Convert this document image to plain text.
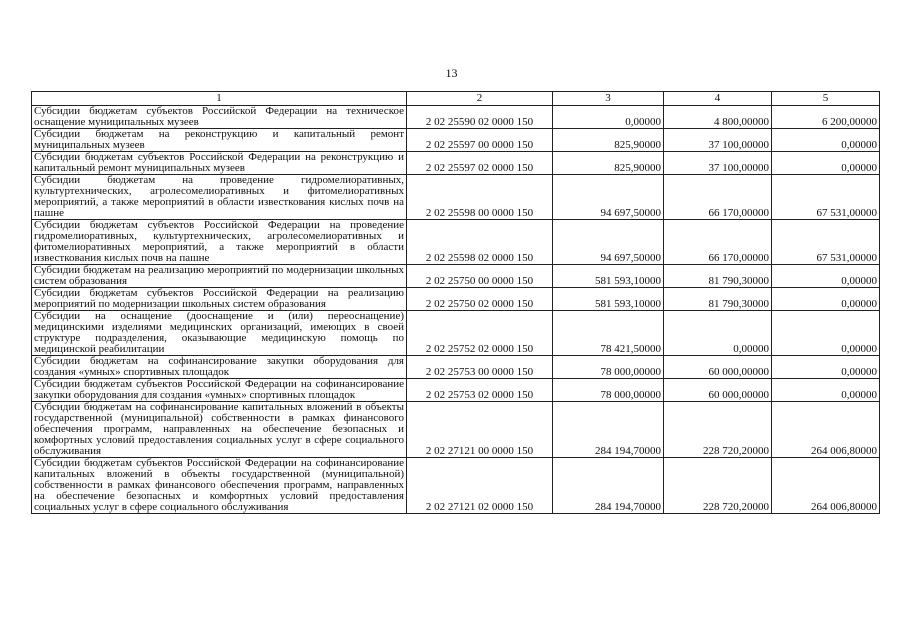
13
1	2	3	4	5
Субсидии бюджетам субъектов Российской Федерации на техническое оснащение муниципальных музеев	2 02 25590 02 0000 150	0,00000	4 800,00000	6 200,00000
Субсидии бюджетам на реконструкцию и капитальный ремонт муниципальных музеев	2 02 25597 00 0000 150	825,90000	37 100,00000	0,00000
Субсидии бюджетам субъектов Российской Федерации на реконструкцию и капитальный ремонт муниципальных музеев	2 02 25597 02 0000 150	825,90000	37 100,00000	0,00000
Субсидии бюджетам на проведение гидромелиоративных, культуртехнических, агролесомелиоративных и фитомелиоративных мероприятий, а также мероприятий в области известкования кислых почв на пашне	2 02 25598 00 0000 150	94 697,50000	66 170,00000	67 531,00000
Субсидии бюджетам субъектов Российской Федерации на проведение гидромелиоративных, культуртехнических, агролесомелиоративных и фитомелиоративных мероприятий, а также мероприятий в области известкования кислых почв на пашне	2 02 25598 02 0000 150	94 697,50000	66 170,00000	67 531,00000
Субсидии бюджетам на реализацию мероприятий по модернизации школьных систем образования	2 02 25750 00 0000 150	581 593,10000	81 790,30000	0,00000
Субсидии бюджетам субъектов Российской Федерации на реализацию мероприятий по модернизации школьных систем образования	2 02 25750 02 0000 150	581 593,10000	81 790,30000	0,00000
Субсидии на оснащение (дооснащение и (или) переоснащение) медицинскими изделиями медицинских организаций, имеющих в своей структуре подразделения, оказывающие медицинскую помощь по медицинской реабилитации	2 02 25752 02 0000 150	78 421,50000	0,00000	0,00000
Субсидии бюджетам на софинансирование закупки оборудования для создания «умных» спортивных площадок	2 02 25753 00 0000 150	78 000,00000	60 000,00000	0,00000
Субсидии бюджетам субъектов Российской Федерации на софинансирование закупки оборудования для создания «умных» спортивных площадок	2 02 25753 02 0000 150	78 000,00000	60 000,00000	0,00000
Субсидии бюджетам на софинансирование капитальных вложений в объекты государственной (муниципальной) собственности в рамках финансового обеспечения программ, направленных на обеспечение безопасных и комфортных условий предоставления социальных услуг в сфере социального обслуживания	2 02 27121 00 0000 150	284 194,70000	228 720,20000	264 006,80000
Субсидии бюджетам субъектов Российской Федерации на софинансирование капитальных вложений в объекты государственной (муниципальной) собственности в рамках финансового обеспечения программ, направленных на обеспечение безопасных и комфортных условий предоставления социальных услуг в сфере социального обслуживания	2 02 27121 02 0000 150	284 194,70000	228 720,20000	264 006,80000
